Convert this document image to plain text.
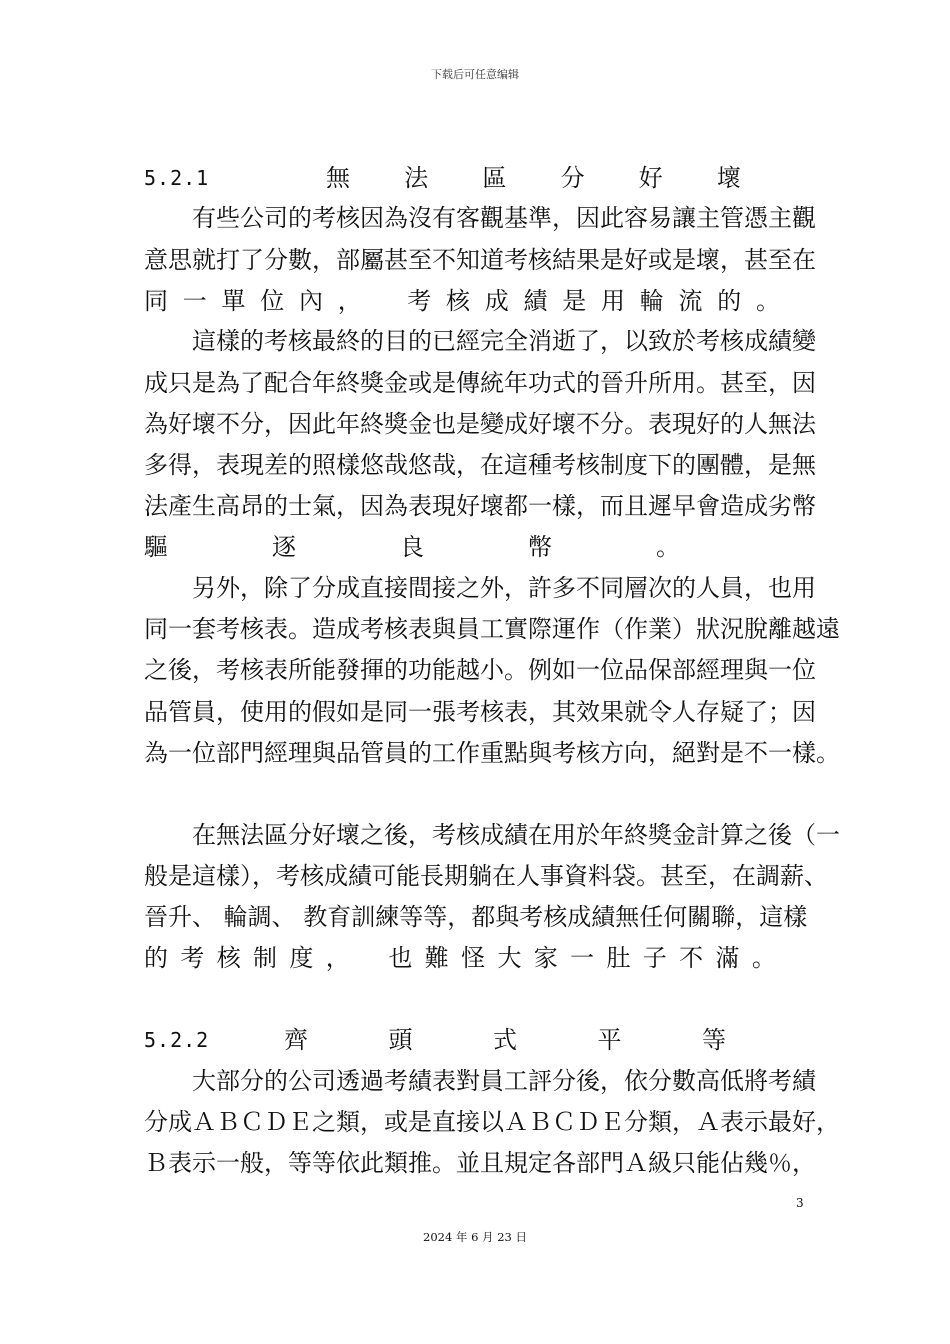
下载后可任意编辑
5.2.1	無 法 區 分 好 壞
　　有些公司的考核因為沒有客觀基準，因此容易讓主管憑主觀
意思就打了分數，部屬甚至不知道考核結果是好或是壞，甚至在
同 一 單 位 內 ， 考 核 成 績 是 用 輪 流 的 。
　　這樣的考核最終的目的已經完全消逝了，以致於考核成績變
成只是為了配合年終獎金或是傳統年功式的晉升所用。甚至，因
為好壞不分，因此年終獎金也是變成好壞不分。表現好的人無法
多得，表現差的照樣悠哉悠哉，在這種考核制度下的團體，是無
法產生高昂的士氣，因為表現好壞都一樣，而且遲早會造成劣幣
驅	逐	良	幣	。
　　另外，除了分成直接間接之外，許多不同層次的人員，也用
同一套考核表。造成考核表與員工實際運作（作業）狀況脫離越遠
之後，考核表所能發揮的功能越小。例如一位品保部經理與一位
品管員，使用的假如是同一張考核表，其效果就令人存疑了；因
為一位部門經理與品管員的工作重點與考核方向，絕對是不一樣。
　　在無法區分好壞之後，考核成績在用於年終獎金計算之後（一
般是這樣），考核成績可能長期躺在人事資料袋。甚至，在調薪、
晉升、 輪調、 教育訓練等等，都與考核成績無任何關聯，這樣
的 考 核 制 度 ， 也 難 怪 大 家 一 肚 子 不 滿 。
5.2.2	齊	頭	式	平	等
　　大部分的公司透過考績表對員工評分後，依分數高低將考績
分成ＡＢＣＤＥ之類，或是直接以ＡＢＣＤＥ分類，Ａ表示最好，
Ｂ表示一般，等等依此類推。並且規定各部門Ａ級只能佔幾％，
3
2024 年 6 月 23 日
